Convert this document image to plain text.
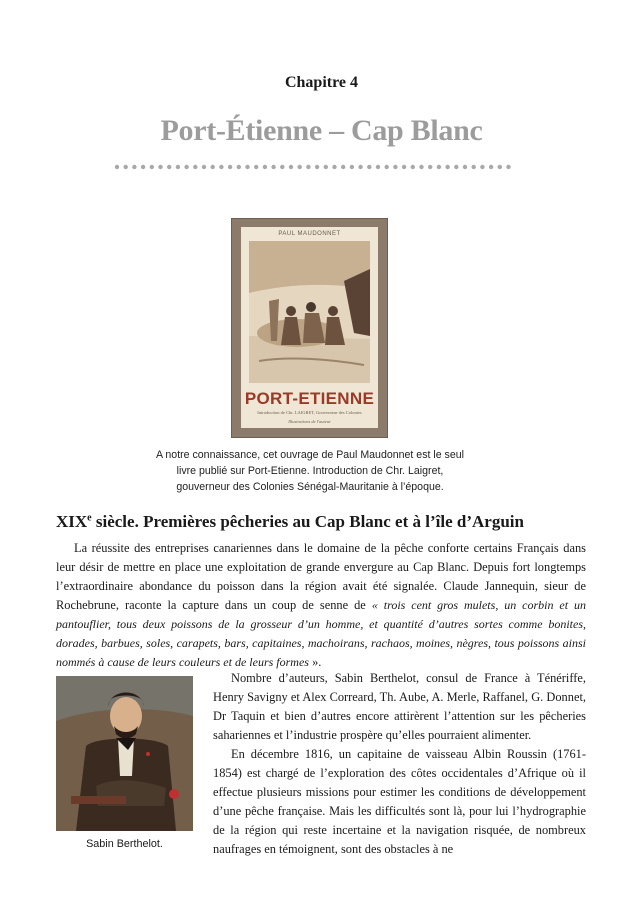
Chapitre 4
Port-Étienne – Cap Blanc
PAUL MAUDONNET
PORT-ETIENNE
Introduction de Chr. LAIGRET, Gouverneur des Colonies
Illustrations de l'auteur
A notre connaissance, cet ouvrage de Paul Maudonnet est le seul livre publié sur Port-Etienne. Introduction de Chr. Laigret, gouverneur des Colonies Sénégal-Mauritanie à l’époque.
XIXe siècle. Premières pêcheries au Cap Blanc et à l’île d’Arguin

La réussite des entreprises canariennes dans le domaine de la pêche conforte certains Français dans leur désir de mettre en place une exploitation de grande envergure au Cap Blanc. Depuis fort longtemps l’extraordinaire abondance du poisson dans la région avait été signalée. Claude Jannequin, sieur de Rochebrune, raconte la capture dans un coup de senne de « trois cent gros mulets, un corbin et un pantouflier, tous deux poissons de la grosseur d’un homme, et quantité d’autres sortes comme bonites, dorades, barbues, soles, carapets, bars, capitaines, machoirans, rachaos, moines, nègres, tous poissons ainsi nommés à cause de leurs couleurs et de leurs formes ».

Sabin Berthelot.

Nombre d’auteurs, Sabin Berthelot, consul de France à Ténériffe, Henry Savigny et Alex Correard, Th. Aube, A. Merle, Raffanel, G. Donnet, Dr Taquin et bien d’autres encore attirèrent l’attention sur les pêcheries sahariennes et l’industrie prospère qu’elles pourraient alimenter.

En décembre 1816, un capitaine de vaisseau Albin Roussin (1761-1854) est chargé de l’exploration des côtes occidentales d’Afrique où il effectue plusieurs missions pour estimer les conditions de développement d’une pêche française. Mais les difficultés sont là, pour lui l’hydrographie de la région qui reste incertaine et la navigation risquée, de nombreux naufrages en témoignent, sont des obstacles à ne
